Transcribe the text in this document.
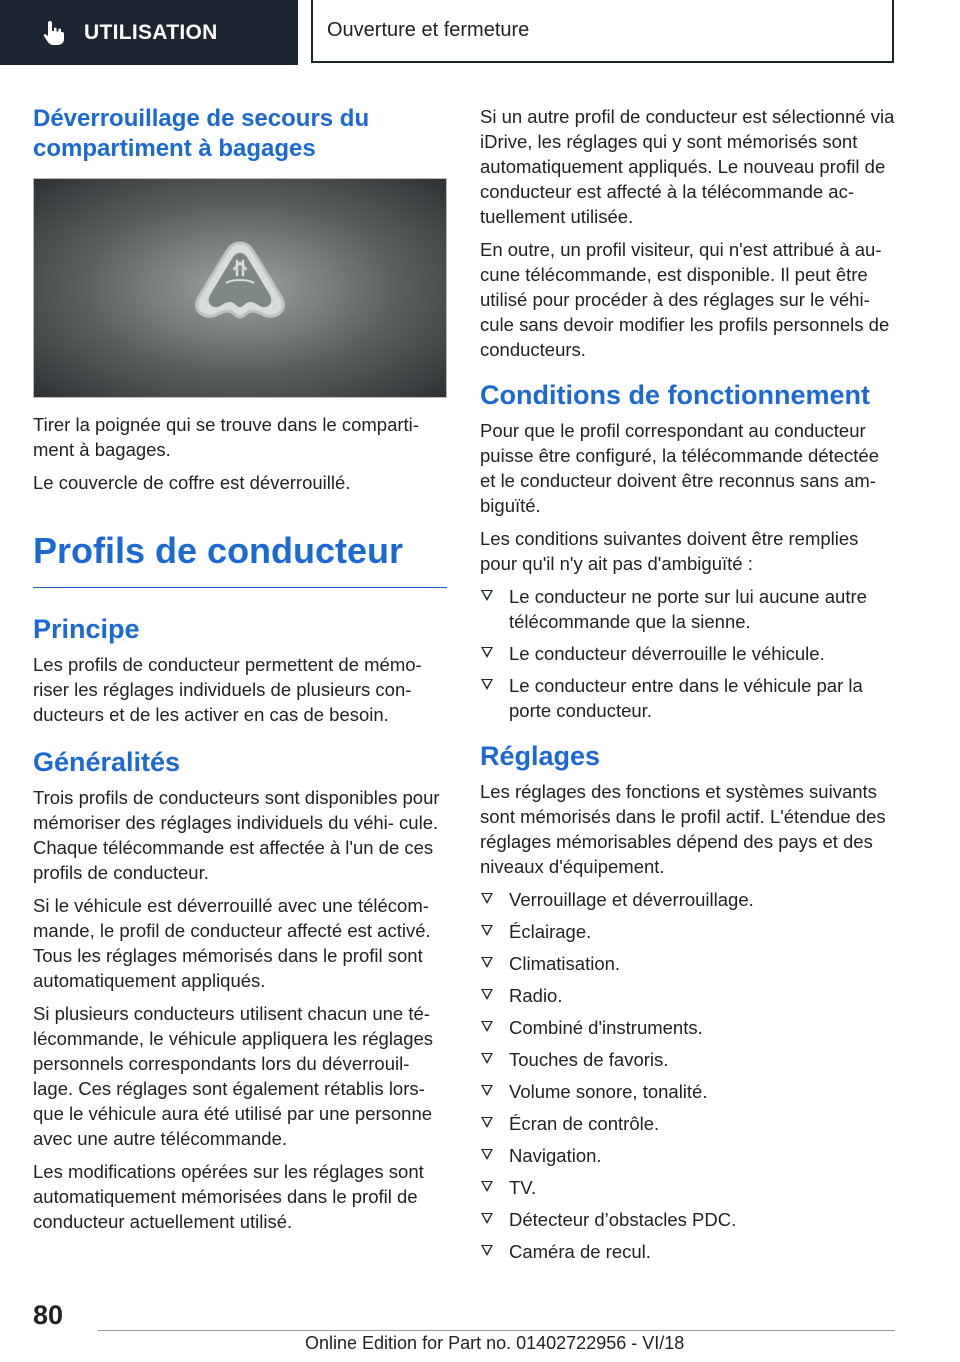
UTILISATION	Ouverture et fermeture
Déverrouillage de secours du compartiment à bagages

Tirer la poignée qui se trouve dans le comparti‐ ment à bagages.

Le couvercle de coffre est déverrouillé.

Profils de conducteur
Principe

Les profils de conducteur permettent de mémo‐ riser les réglages individuels de plusieurs con‐ ducteurs et de les activer en cas de besoin.

Généralités

Trois profils de conducteurs sont disponibles pour mémoriser des réglages individuels du véhi‐ cule. Chaque télécommande est affectée à l'un de ces profils de conducteur.

Si le véhicule est déverrouillé avec une télécom‐ mande, le profil de conducteur affecté est activé. Tous les réglages mémorisés dans le profil sont automatiquement appliqués.

Si plusieurs conducteurs utilisent chacun une té‐ lécommande, le véhicule appliquera les réglages personnels correspondants lors du déverrouil‐ lage. Ces réglages sont également rétablis lors‐ que le véhicule aura été utilisé par une personne avec une autre télécommande.

Les modifications opérées sur les réglages sont automatiquement mémorisées dans le profil de conducteur actuellement utilisé.

Si un autre profil de conducteur est sélectionné via iDrive, les réglages qui y sont mémorisés sont automatiquement appliqués. Le nouveau profil de conducteur est affecté à la télécommande ac‐ tuellement utilisée.

En outre, un profil visiteur, qui n'est attribué à au‐ cune télécommande, est disponible. Il peut être utilisé pour procéder à des réglages sur le véhi‐ cule sans devoir modifier les profils personnels de conducteurs.

Conditions de fonctionnement

Pour que le profil correspondant au conducteur puisse être configuré, la télécommande détectée et le conducteur doivent être reconnus sans am‐ biguïté.

Les conditions suivantes doivent être remplies pour qu'il n'y ait pas d'ambiguïté :

Le conducteur ne porte sur lui aucune autre télécommande que la sienne.
Le conducteur déverrouille le véhicule.
Le conducteur entre dans le véhicule par la porte conducteur.
Réglages

Les réglages des fonctions et systèmes suivants sont mémorisés dans le profil actif. L'étendue des réglages mémorisables dépend des pays et des niveaux d'équipement.

Verrouillage et déverrouillage.
Éclairage.
Climatisation.
Radio.
Combiné d'instruments.
Touches de favoris.
Volume sonore, tonalité.
Écran de contrôle.
Navigation.
TV.
Détecteur d’obstacles PDC.
Caméra de recul.
80
Online Edition for Part no. 01402722956 - VI/18
